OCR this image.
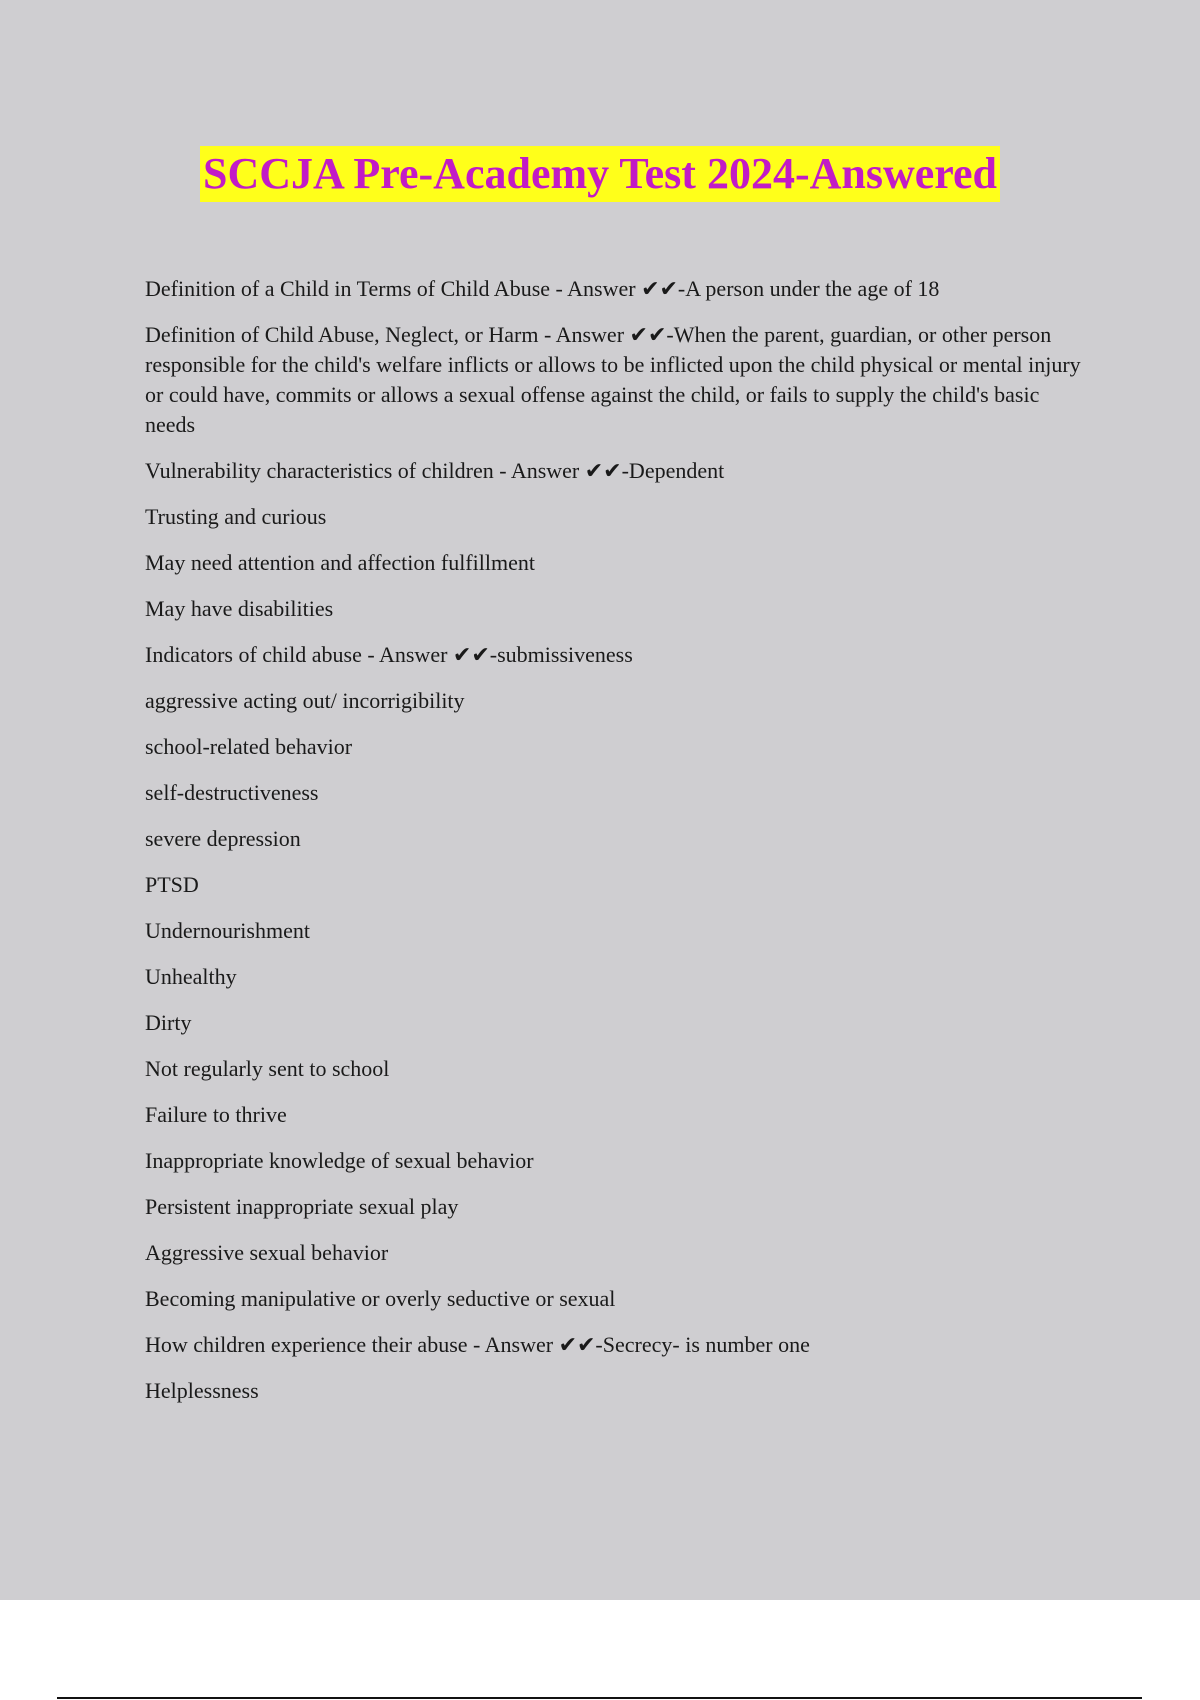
SCCJA Pre-Academy Test 2024-Answered

Definition of a Child in Terms of Child Abuse - Answer ✔✔-A person under the age of 18

Definition of Child Abuse, Neglect, or Harm - Answer ✔✔-When the parent, guardian, or other person responsible for the child's welfare inflicts or allows to be inflicted upon the child physical or mental injury or could have, commits or allows a sexual offense against the child, or fails to supply the child's basic needs

Vulnerability characteristics of children - Answer ✔✔-Dependent

Trusting and curious

May need attention and affection fulfillment

May have disabilities

Indicators of child abuse - Answer ✔✔-submissiveness

aggressive acting out/ incorrigibility

school-related behavior

self-destructiveness

severe depression

PTSD

Undernourishment

Unhealthy

Dirty

Not regularly sent to school

Failure to thrive

Inappropriate knowledge of sexual behavior

Persistent inappropriate sexual play

Aggressive sexual behavior

Becoming manipulative or overly seductive or sexual

How children experience their abuse - Answer ✔✔-Secrecy- is number one

Helplessness
